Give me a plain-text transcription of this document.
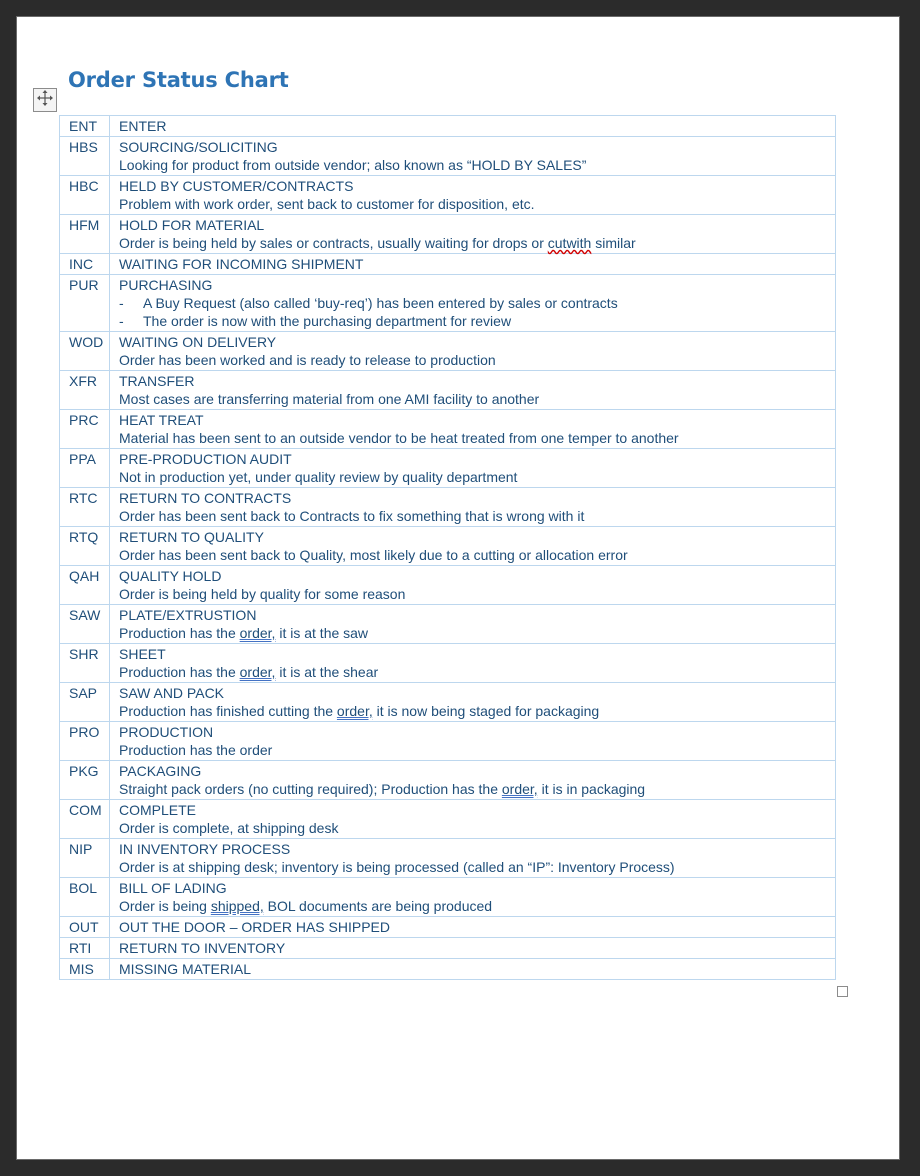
Order Status Chart
ENT	ENTER

HBS	SOURCING/SOLICITING
Looking for product from outside vendor; also known as “HOLD BY SALES”

HBC	HELD BY CUSTOMER/CONTRACTS
Problem with work order, sent back to customer for disposition, etc.

HFM	HOLD FOR MATERIAL
Order is being held by sales or contracts, usually waiting for drops or cutwith similar

INC	WAITING FOR INCOMING SHIPMENT

PUR	PURCHASING
- A Buy Request (also called ‘buy-req’) has been entered by sales or contracts
- The order is now with the purchasing department for review

WOD	WAITING ON DELIVERY
Order has been worked and is ready to release to production

XFR	TRANSFER
Most cases are transferring material from one AMI facility to another

PRC	HEAT TREAT
Material has been sent to an outside vendor to be heat treated from one temper to another

PPA	PRE-PRODUCTION AUDIT
Not in production yet, under quality review by quality department

RTC	RETURN TO CONTRACTS
Order has been sent back to Contracts to fix something that is wrong with it

RTQ	RETURN TO QUALITY
Order has been sent back to Quality, most likely due to a cutting or allocation error

QAH	QUALITY HOLD
Order is being held by quality for some reason

SAW	PLATE/EXTRUSTION
Production has the order, it is at the saw

SHR	SHEET
Production has the order, it is at the shear

SAP	SAW AND PACK
Production has finished cutting the order, it is now being staged for packaging

PRO	PRODUCTION
Production has the order

PKG	PACKAGING
Straight pack orders (no cutting required); Production has the order, it is in packaging

COM	COMPLETE
Order is complete, at shipping desk

NIP	IN INVENTORY PROCESS
Order is at shipping desk; inventory is being processed (called an “IP”: Inventory Process)

BOL	BILL OF LADING
Order is being shipped, BOL documents are being produced

OUT	OUT THE DOOR – ORDER HAS SHIPPED

RTI	RETURN TO INVENTORY

MIS	MISSING MATERIAL
